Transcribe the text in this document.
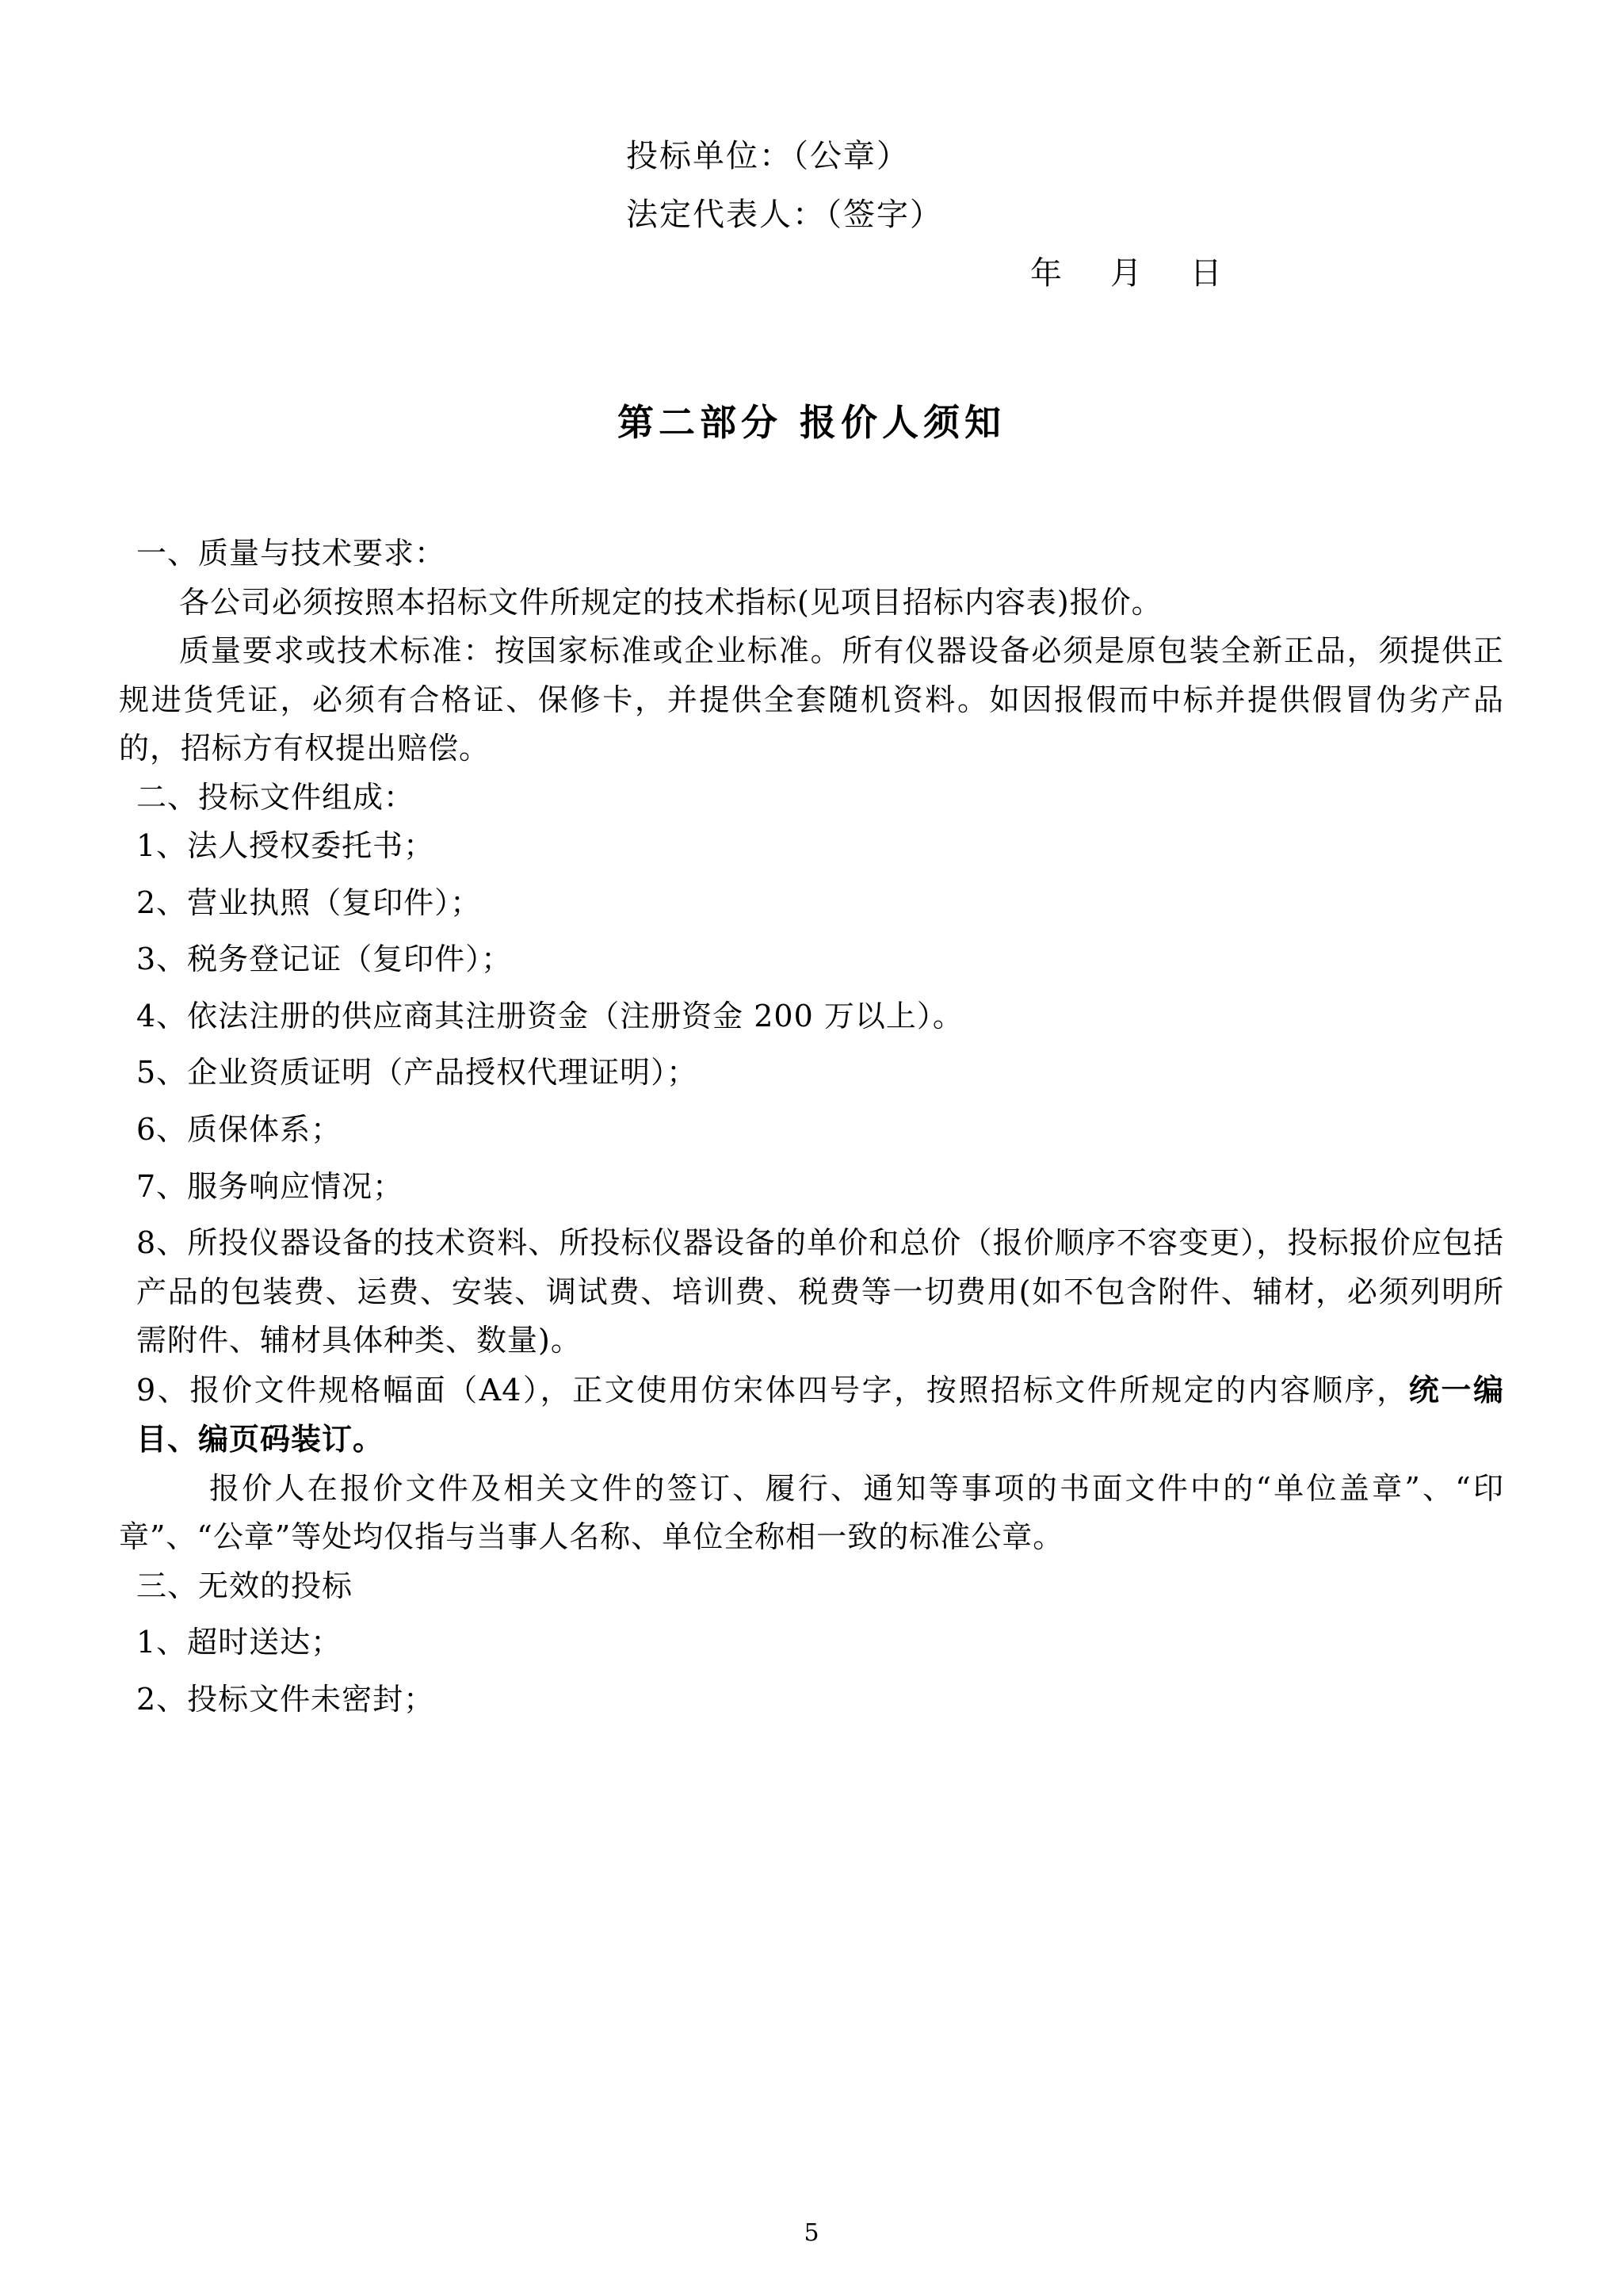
投标单位：（公章）
法定代表人：（签字）
年    月    日
第二部分 报价人须知

一、质量与技术要求：

各公司必须按照本招标文件所规定的技术指标(见项目招标内容表)报价。

质量要求或技术标准：按国家标准或企业标准。所有仪器设备必须是原包装全新正品，须提供正规进货凭证，必须有合格证、保修卡，并提供全套随机资料。如因报假而中标并提供假冒伪劣产品的，招标方有权提出赔偿。

二、投标文件组成：

1、法人授权委托书；

2、营业执照（复印件）；

3、税务登记证（复印件）；

4、依法注册的供应商其注册资金（注册资金 200 万以上）。

5、企业资质证明（产品授权代理证明）；

6、质保体系；

7、服务响应情况；

8、所投仪器设备的技术资料、所投标仪器设备的单价和总价（报价顺序不容变更），投标报价应包括产品的包装费、运费、安装、调试费、培训费、税费等一切费用(如不包含附件、辅材，必须列明所需附件、辅材具体种类、数量)。

9、报价文件规格幅面（A4），正文使用仿宋体四号字，按照招标文件所规定的内容顺序，统一编目、编页码装订。

报价人在报价文件及相关文件的签订、履行、通知等事项的书面文件中的“单位盖章”、“印章”、“公章”等处均仅指与当事人名称、单位全称相一致的标准公章。

三、无效的投标

1、超时送达；

2、投标文件未密封；

5
